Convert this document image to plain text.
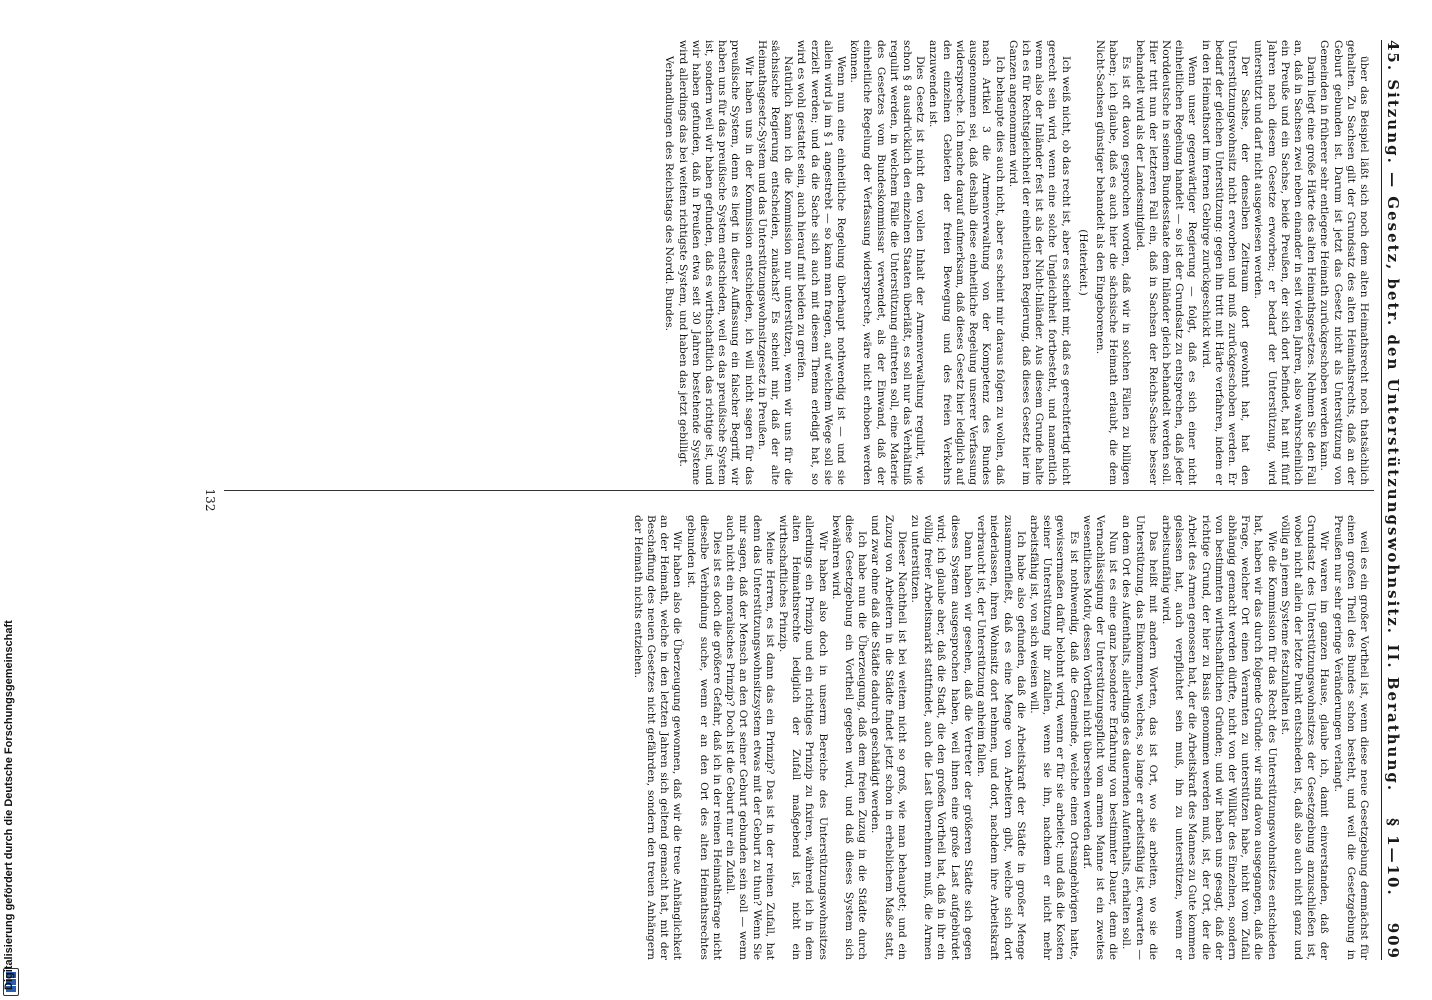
45. Sitzung. — Gesetz, betr. den Unterstützungswohnsitz.
II. Berathung.
§ 1—10.
909

über das Beispiel läßt sich noch dem alten Heimathsrecht noch thatsächlich gehalten. Zu Sachsen gilt der Grundsatz des alten Heimathsrechts, daß an der Geburt gebunden ist. Darum ist jetzt das Gesetz nicht als Unterstützung von Gemeinden in früherer sehr entlegene Heimath zurückgeschoben werden kann.

Darin liegt eine große Härte des alten Heimathsgesetzes. Nehmen Sie den Fall an, daß in Sachsen zwei neben einander in seit vielen Jahren, also wahrscheinlich ein Preuße und ein Sachse, beide Preußen, der sich dort befindet, hat mit fünf Jahren nach diesem Gesetze erworben; er bedarf der Unterstützung, wird unterstützt und darf nicht ausgewiesen werden.

Der Sachse, der denselben Zeitraum dort gewohnt hat, hat den Unterstützungswohnsitz nicht erworben und muß zurückgeschoben werden. Er bedarf der gleichen Unterstützung: gegen ihn tritt mit Härte verfahren, indem er in den Heimathsort im fernen Gebirge zurückgeschickt wird.

Wenn unser gegenwärtiger Regierung — folgt, daß es sich einer nicht einheitlichen Regelung handelt — so ist der Grundsatz zu entsprechen, daß jeder Norddeutsche in seinem Bundesstaate dem Inländer gleich behandelt werden soll. Hier tritt nun der letzteren Fall ein, daß in Sachsen der Reichs-Sachse besser behandelt wird als der Landesmitglied.

Es ist oft davon gesprochen worden, daß wir in solchen Fällen zu billigen haben; ich glaube, daß es auch hier die sächsische Heimath erlaubt, die dem Nicht-Sachsen günstiger behandelt als den Eingeborenen.

(Heiterkeit.)

Ich weiß nicht, ob das recht ist, aber es scheint mir, daß es gerechtfertigt nicht gerecht sein wird, wenn eine solche Ungleichheit fortbesteht, und namentlich wenn also der Inländer fest ist als der Nicht-Inländer. Aus diesem Grunde halte ich es für Rechtsgleichheit der einheitlichen Regierung, daß dieses Gesetz hier im Ganzen angenommen wird.

Ich behaupte dies auch nicht, aber es scheint mir daraus folgen zu wollen, daß nach Artikel 3 die Armenverwaltung von der Kompetenz des Bundes ausgenommen sei, daß deshalb diese einheitliche Regelung unserer Verfassung widerspreche. Ich mache darauf aufmerksam, daß dieses Gesetz hier lediglich auf den einzelnen Gebieten der freien Bewegung und des freien Verkehrs anzuwenden ist.

Dies Gesetz ist nicht den vollen Inhalt der Armenverwaltung regulirt, wie schon § 8 ausdrücklich den einzelnen Staaten überläßt, es soll nur das Verhältniß regulirt werden, in welchem Fälle die Unterstützung eintreten soll, eine Materie des Gesetzes vom Bundeskommissar verwendet, als der Einwand, daß der einheitliche Regelung der Verfassung widerspreche, wäre nicht erhoben werden können.

Wenn nun eine einheitliche Regelung überhaupt nothwendig ist — und sie allein wird ja im § 1 angestrebt — so kann man fragen, auf welchem Wege soll sie erzielt werden; und da die Sache sich auch mit diesem Thema erledigt hat, so wird es wohl gestattet sein, auch hierauf mit beiden zu greifen.

Natürlich kann ich die Kommission nur unterstützen, wenn wir uns für die sächsische Regierung entscheiden, zunächst? Es scheint mir, daß der alte Heimathsgesetz-System und das Unterstützungswohnsitzgesetz in Preußen.

Wir haben uns in der Kommission entschieden, ich will nicht sagen für das preußische System, denn es liegt in dieser Auffassung ein falscher Begriff, wir haben uns für das preußische System entschieden, weil es das preußische System ist, sondern weil wir haben gefunden, daß es wirthschaftlich das richtige ist, und wir haben gefunden, daß in Preußen etwa seit 30 Jahren bestehende Systeme wird allerdings das bei weitem richtigste System, und haben das jetzt gebilligt.

Verhandlungen des Reichstags des Nordd. Bundes.

weil es ein großer Vortheil ist, wenn diese neue Gesetzgebung demnächst für einen großen Theil des Bundes schon besteht, und weil die Gesetzgebung in Preußen nur sehr geringe Veränderungen verlangt.

Wir waren im ganzen Hause, glaube ich, damit einverstanden, daß der Grundsatz des Unterstützungswohnsitzes der Gesetzgebung anzuschließen ist, wobei nicht allein der letzte Punkt entschieden ist, daß also auch nicht ganz und völlig an jenem Systeme festzuhalten ist.

Wie die Kommission für das Recht des Unterstützungswohnsitzes entschieden hat, haben wir das durch folgende Gründe: wir sind davon ausgegangen, daß die Frage, welcher Ort einen Verarmten zu unterstützen habe, nicht vom Zufall abhängig gemacht werden dürfte, nicht von der Willkür des Einzelnen, sondern von bestimmten wirthschaftlichen Gründen; und wir haben uns gesagt, daß der richtige Grund, der hier zu Basis genommen werden muß, ist, der Ort, der die Arbeit des Armen genossen hat, der die Arbeitskraft des Mannes zu Gute kommen gelassen hat, auch verpflichtet sein muß, ihn zu unterstützen, wenn er arbeitsunfähig wird.

Das heißt mit andern Worten, das ist Ort, wo sie arbeiten, wo sie die Unterstützung, das Einkommen, welches, so lange er arbeitsfähig ist, erwarten — an dem Ort des Aufenthalts, allerdings des dauernden Aufenthalts, erhalten soll.

Nun ist es eine ganz besondere Erfahrung von bestimmter Dauer, denn die Vernachlässigung der Unterstützungspflicht vom armen Manne ist ein zweites wesentliches Motiv, dessen Vortheil nicht übersehen werden darf.

Es ist nothwendig, daß die Gemeinde, welche einen Ortsangehörigen hatte, gewissermaßen dafür belohnt wird, wenn er für sie arbeitet; und daß die Kosten seiner Unterstützung ihr zufallen, wenn sie ihn, nachdem er nicht mehr arbeitsfähig ist, von sich weisen will.

Ich habe also gefunden, daß die Arbeitskraft der Städte in großer Menge zusammenfließt, daß es eine Menge von Arbeitern gibt, welche sich dort niederlassen, ihren Wohnsitz dort nehmen, und dort, nachdem ihre Arbeitskraft verbraucht ist, der Unterstützung anheim fallen.

Dann haben wir gesehen, daß die Vertreter der größeren Städte sich gegen dieses System ausgesprochen haben, weil ihnen eine große Last aufgebürdet wird; ich glaube aber, daß die Stadt, die den großen Vortheil hat, daß in ihr ein völlig freier Arbeitsmarkt stattfindet, auch die Last übernehmen muß, die Armen zu unterstützen.

Dieser Nachtheil ist bei weitem nicht so groß, wie man behauptet; und ein Zuzug von Arbeitern in die Städte findet jetzt schon in erheblichem Maße statt, und zwar ohne daß die Städte dadurch geschädigt werden.

Ich habe nun die Überzeugung, daß dem freien Zuzug in die Städte durch diese Gesetzgebung ein Vortheil gegeben wird, und daß dieses System sich bewähren wird.

Wir haben also doch in unserm Bereiche des Unterstützungswohnsitzes allerdings ein Prinzip und ein richtiges Prinzip zu fixiren, während ich in dem alten Heimathsrechte lediglich der Zufall maßgebend ist, nicht ein wirthschaftliches Prinzip.

Meine Herren, es ist dann das ein Prinzip? Das ist in der reinen Zufall, hat denn das Unterstützungswohnsitzsystem etwas mit der Geburt zu thun? Wenn Sie mir sagen, daß der Mensch an den Ort seiner Geburt gebunden sein soll — wenn auch nicht ein moralisches Prinzip? Doch ist die Geburt nur ein Zufall.

Dies ist es doch die größere Gefahr, daß ich in der reinen Heimathsfrage nicht dieselbe Verbindung suche, wenn er an den Ort des alten Heimathsrechtes gebunden ist.

Wir haben also die Überzeugung gewonnen, daß wir die treue Anhänglichkeit an der Heimath, welche in den letzten Jahren sich geltend gemacht hat, mit der Beschaffung des neuen Gesetzes nicht gefährden, sondern den treuen Anhängern der Heimath nichts entziehen.

132
Digitalisierung gefördert durch die Deutsche Forschungsgemeinschaft
